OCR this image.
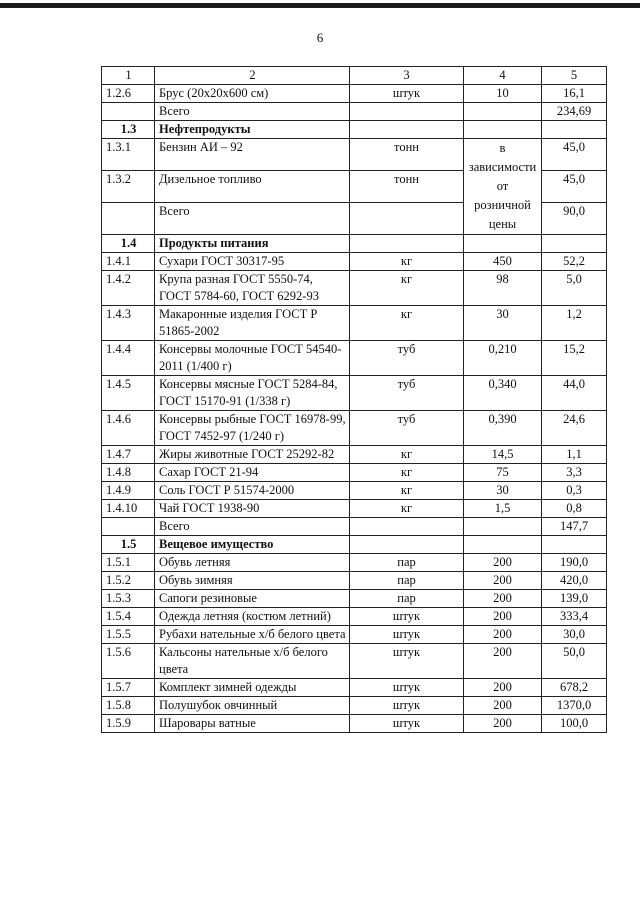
6
1	2	3	4	5
1.2.6	Брус (20х20х600 см)	штук	10	16,1
	Всего			234,69
1.3	Нефтепродукты			
1.3.1	Бензин АИ – 92	тонн	в зависимости от розничной цены	45,0
1.3.2	Дизельное топливо	тонн		45,0
	Всего			90,0
1.4	Продукты питания			
1.4.1	Сухари ГОСТ 30317-95	кг	450	52,2
1.4.2	Крупа разная ГОСТ 5550-74, ГОСТ 5784-60, ГОСТ 6292-93	кг	98	5,0
1.4.3	Макаронные изделия ГОСТ Р 51865-2002	кг	30	1,2
1.4.4	Консервы молочные ГОСТ 54540-2011 (1/400 г)	туб	0,210	15,2
1.4.5	Консервы мясные ГОСТ 5284-84, ГОСТ 15170-91 (1/338 г)	туб	0,340	44,0
1.4.6	Консервы рыбные ГОСТ 16978-99, ГОСТ 7452-97 (1/240 г)	туб	0,390	24,6
1.4.7	Жиры животные ГОСТ 25292-82	кг	14,5	1,1
1.4.8	Сахар ГОСТ 21-94	кг	75	3,3
1.4.9	Соль ГОСТ Р 51574-2000	кг	30	0,3
1.4.10	Чай ГОСТ 1938-90	кг	1,5	0,8
	Всего			147,7
1.5	Вещевое имущество			
1.5.1	Обувь летняя	пар	200	190,0
1.5.2	Обувь зимняя	пар	200	420,0
1.5.3	Сапоги резиновые	пар	200	139,0
1.5.4	Одежда летняя (костюм летний)	штук	200	333,4
1.5.5	Рубахи нательные х/б белого цвета	штук	200	30,0
1.5.6	Кальсоны нательные х/б белого цвета	штук	200	50,0
1.5.7	Комплект зимней одежды	штук	200	678,2
1.5.8	Полушубок овчинный	штук	200	1370,0
1.5.9	Шаровары ватные	штук	200	100,0
